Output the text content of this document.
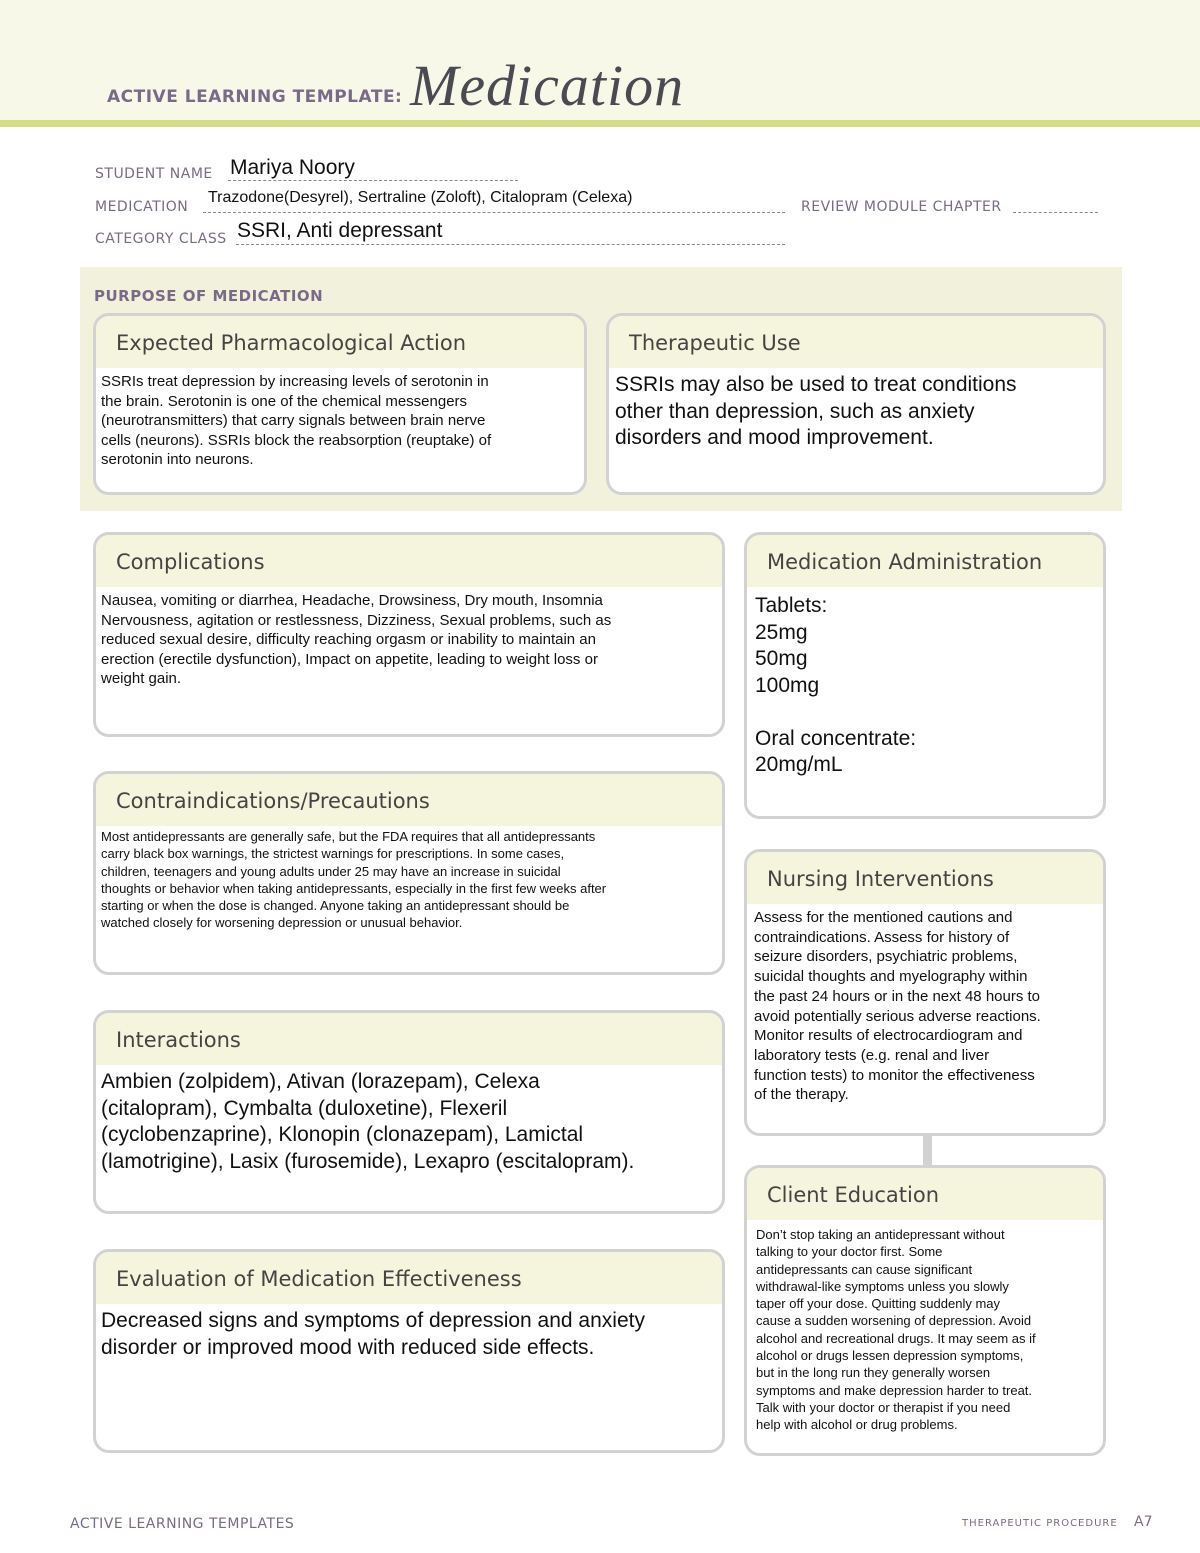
ACTIVE LEARNING TEMPLATE: Medication
STUDENT NAME Mariya Noory
MEDICATION
Trazodone(Desyrel), Sertraline (Zoloft), Citalopram (Celexa)
REVIEW MODULE CHAPTER
CATEGORY CLASS SSRI, Anti depressant
PURPOSE OF MEDICATION
Expected Pharmacological Action
SSRIs treat depression by increasing levels of serotonin in
the brain. Serotonin is one of the chemical messengers
(neurotransmitters) that carry signals between brain nerve
cells (neurons). SSRIs block the reabsorption (reuptake) of
serotonin into neurons.
Therapeutic Use
SSRIs may also be used to treat conditions
other than depression, such as anxiety
disorders and mood improvement.
Complications
Nausea, vomiting or diarrhea, Headache, Drowsiness, Dry mouth, Insomnia
Nervousness, agitation or restlessness, Dizziness, Sexual problems, such as
reduced sexual desire, difficulty reaching orgasm or inability to maintain an
erection (erectile dysfunction), Impact on appetite, leading to weight loss or
weight gain.
Medication Administration
Tablets:
25mg
50mg
100mg
Oral concentrate:
20mg/mL
Contraindications/Precautions
Most antidepressants are generally safe, but the FDA requires that all antidepressants
carry black box warnings, the strictest warnings for prescriptions. In some cases,
children, teenagers and young adults under 25 may have an increase in suicidal
thoughts or behavior when taking antidepressants, especially in the first few weeks after
starting or when the dose is changed. Anyone taking an antidepressant should be
watched closely for worsening depression or unusual behavior.
Nursing Interventions
Assess for the mentioned cautions and
contraindications. Assess for history of
seizure disorders, psychiatric problems,
suicidal thoughts and myelography within
the past 24 hours or in the next 48 hours to
avoid potentially serious adverse reactions.
Monitor results of electrocardiogram and
laboratory tests (e.g. renal and liver
function tests) to monitor the effectiveness
of the therapy.
Interactions
Ambien (zolpidem), Ativan (lorazepam), Celexa
(citalopram), Cymbalta (duloxetine), Flexeril
(cyclobenzaprine), Klonopin (clonazepam), Lamictal
(lamotrigine), Lasix (furosemide), Lexapro (escitalopram).
Client Education
Don’t stop taking an antidepressant without
talking to your doctor first. Some
antidepressants can cause significant
withdrawal-like symptoms unless you slowly
taper off your dose. Quitting suddenly may
cause a sudden worsening of depression. Avoid
alcohol and recreational drugs. It may seem as if
alcohol or drugs lessen depression symptoms,
but in the long run they generally worsen
symptoms and make depression harder to treat.
Talk with your doctor or therapist if you need
help with alcohol or drug problems.
Evaluation of Medication Effectiveness
Decreased signs and symptoms of depression and anxiety
disorder or improved mood with reduced side effects.
ACTIVE LEARNING TEMPLATES	THERAPEUTIC PROCEDURE A7
